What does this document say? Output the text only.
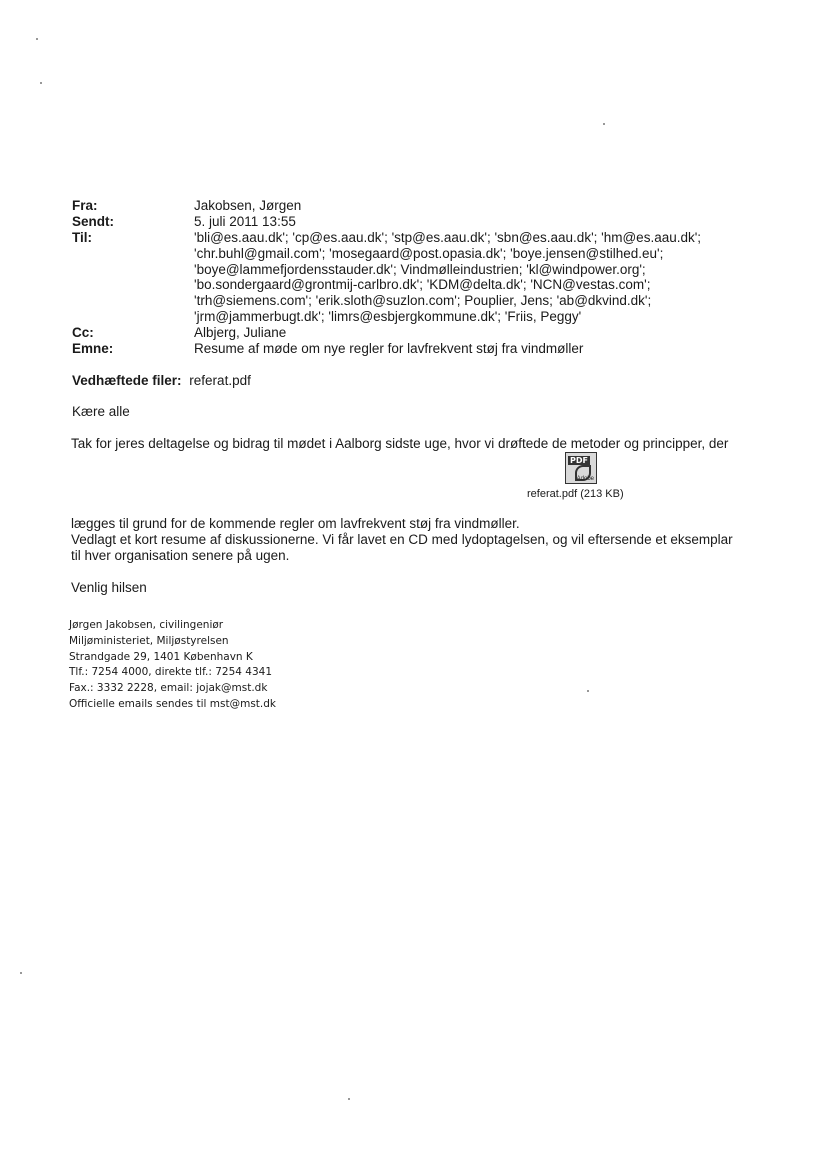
Fra:	Jakobsen, Jørgen
Sendt:	5. juli 2011 13:55
Til:	'bli@es.aau.dk'; 'cp@es.aau.dk'; 'stp@es.aau.dk'; 'sbn@es.aau.dk'; 'hm@es.aau.dk';
'chr.buhl@gmail.com'; 'mosegaard@post.opasia.dk'; 'boye.jensen@stilhed.eu';
'boye@lammefjordensstauder.dk'; Vindmølleindustrien; 'kl@windpower.org';
'bo.sondergaard@grontmij-carlbro.dk'; 'KDM@delta.dk'; 'NCN@vestas.com';
'trh@siemens.com'; 'erik.sloth@suzlon.com'; Pouplier, Jens; 'ab@dkvind.dk';
'jrm@jammerbugt.dk'; 'limrs@esbjergkommune.dk'; 'Friis, Peggy'
Cc:	Albjerg, Juliane
Emne:	Resume af møde om nye regler for lavfrekvent støj fra vindmøller
Vedhæftede filer: referat.pdf
Kære alle
Tak for jeres deltagelse og bidrag til mødet i Aalborg sidste uge, hvor vi drøftede de metoder og principper, der
PDF
Adobe
referat.pdf (213 KB)
lægges til grund for de kommende regler om lavfrekvent støj fra vindmøller.
Vedlagt et kort resume af diskussionerne. Vi får lavet en CD med lydoptagelsen, og vil eftersende et eksemplar
til hver organisation senere på ugen.
Venlig hilsen
Jørgen Jakobsen, civilingeniør
Miljøministeriet, Miljøstyrelsen
Strandgade 29, 1401 København K
Tlf.: 7254 4000, direkte tlf.: 7254 4341
Fax.: 3332 2228, email: jojak@mst.dk
Officielle emails sendes til mst@mst.dk
